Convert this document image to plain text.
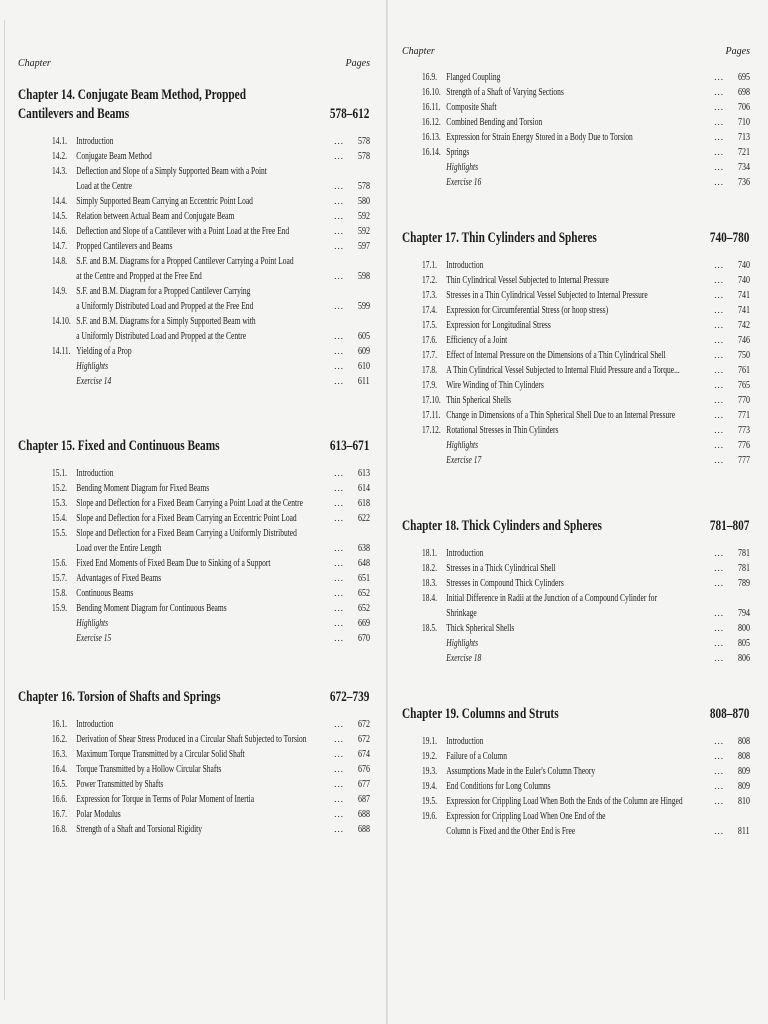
Chapter	Pages
Chapter 14. Conjugate Beam Method, Propped Cantilevers and Beams	578–612
14.1. Introduction	... 578
14.2. Conjugate Beam Method	... 578
14.3. Deflection and Slope of a Simply Supported Beam with a Point
Load at the Centre	... 578
14.4. Simply Supported Beam Carrying an Eccentric Point Load	... 580
14.5. Relation between Actual Beam and Conjugate Beam	... 592
14.6. Deflection and Slope of a Cantilever with a Point Load at the Free End	... 592
14.7. Propped Cantilevers and Beams	... 597
14.8. S.F. and B.M. Diagrams for a Propped Cantilever Carrying a Point Load
at the Centre and Propped at the Free End	... 598
14.9. S.F. and B.M. Diagram for a Propped Cantilever Carrying
a Uniformly Distributed Load and Propped at the Free End	... 599
14.10. S.F. and B.M. Diagrams for a Simply Supported Beam with
a Uniformly Distributed Load and Propped at the Centre	... 605
14.11. Yielding of a Prop	... 609
Highlights	... 610
Exercise 14	... 611
Chapter 15. Fixed and Continuous Beams	613–671
15.1. Introduction	... 613
15.2. Bending Moment Diagram for Fixed Beams	... 614
15.3. Slope and Deflection for a Fixed Beam Carrying a Point Load at the Centre	... 618
15.4. Slope and Deflection for a Fixed Beam Carrying an Eccentric Point Load	... 622
15.5. Slope and Deflection for a Fixed Beam Carrying a Uniformly Distributed
Load over the Entire Length	... 638
15.6. Fixed End Moments of Fixed Beam Due to Sinking of a Support	... 648
15.7. Advantages of Fixed Beams	... 651
15.8. Continuous Beams	... 652
15.9. Bending Moment Diagram for Continuous Beams	... 652
Highlights	... 669
Exercise 15	... 670
Chapter 16. Torsion of Shafts and Springs	672–739
16.1. Introduction	... 672
16.2. Derivation of Shear Stress Produced in a Circular Shaft Subjected to Torsion	... 672
16.3. Maximum Torque Transmitted by a Circular Solid Shaft	... 674
16.4. Torque Transmitted by a Hollow Circular Shafts	... 676
16.5. Power Transmitted by Shafts	... 677
16.6. Expression for Torque in Terms of Polar Moment of Inertia	... 687
16.7. Polar Modulus	... 688
16.8. Strength of a Shaft and Torsional Rigidity	... 688
Chapter	Pages
16.9. Flanged Coupling	... 695
16.10. Strength of a Shaft of Varying Sections	... 698
16.11. Composite Shaft	... 706
16.12. Combined Bending and Torsion	... 710
16.13. Expression for Strain Energy Stored in a Body Due to Torsion	... 713
16.14. Springs	... 721
Highlights	... 734
Exercise 16	... 736
Chapter 17. Thin Cylinders and Spheres	740–780
17.1. Introduction	... 740
17.2. Thin Cylindrical Vessel Subjected to Internal Pressure	... 740
17.3. Stresses in a Thin Cylindrical Vessel Subjected to Internal Pressure	... 741
17.4. Expression for Circumferential Stress (or hoop stress)	... 741
17.5. Expression for Longitudinal Stress	... 742
17.6. Efficiency of a Joint	... 746
17.7. Effect of Internal Pressure on the Dimensions of a Thin Cylindrical Shell	... 750
17.8. A Thin Cylindrical Vessel Subjected to Internal Fluid Pressure and a Torque...	... 761
17.9. Wire Winding of Thin Cylinders	... 765
17.10. Thin Spherical Shells	... 770
17.11. Change in Dimensions of a Thin Spherical Shell Due to an Internal Pressure	... 771
17.12. Rotational Stresses in Thin Cylinders	... 773
Highlights	... 776
Exercise 17	... 777
Chapter 18. Thick Cylinders and Spheres	781–807
18.1. Introduction	... 781
18.2. Stresses in a Thick Cylindrical Shell	... 781
18.3. Stresses in Compound Thick Cylinders	... 789
18.4. Initial Difference in Radii at the Junction of a Compound Cylinder for
Shrinkage	... 794
18.5. Thick Spherical Shells	... 800
Highlights	... 805
Exercise 18	... 806
Chapter 19. Columns and Struts	808–870
19.1. Introduction	... 808
19.2. Failure of a Column	... 808
19.3. Assumptions Made in the Euler's Column Theory	... 809
19.4. End Conditions for Long Columns	... 809
19.5. Expression for Crippling Load When Both the Ends of the Column are Hinged	... 810
19.6. Expression for Crippling Load When One End of the
Column is Fixed and the Other End is Free	... 811
